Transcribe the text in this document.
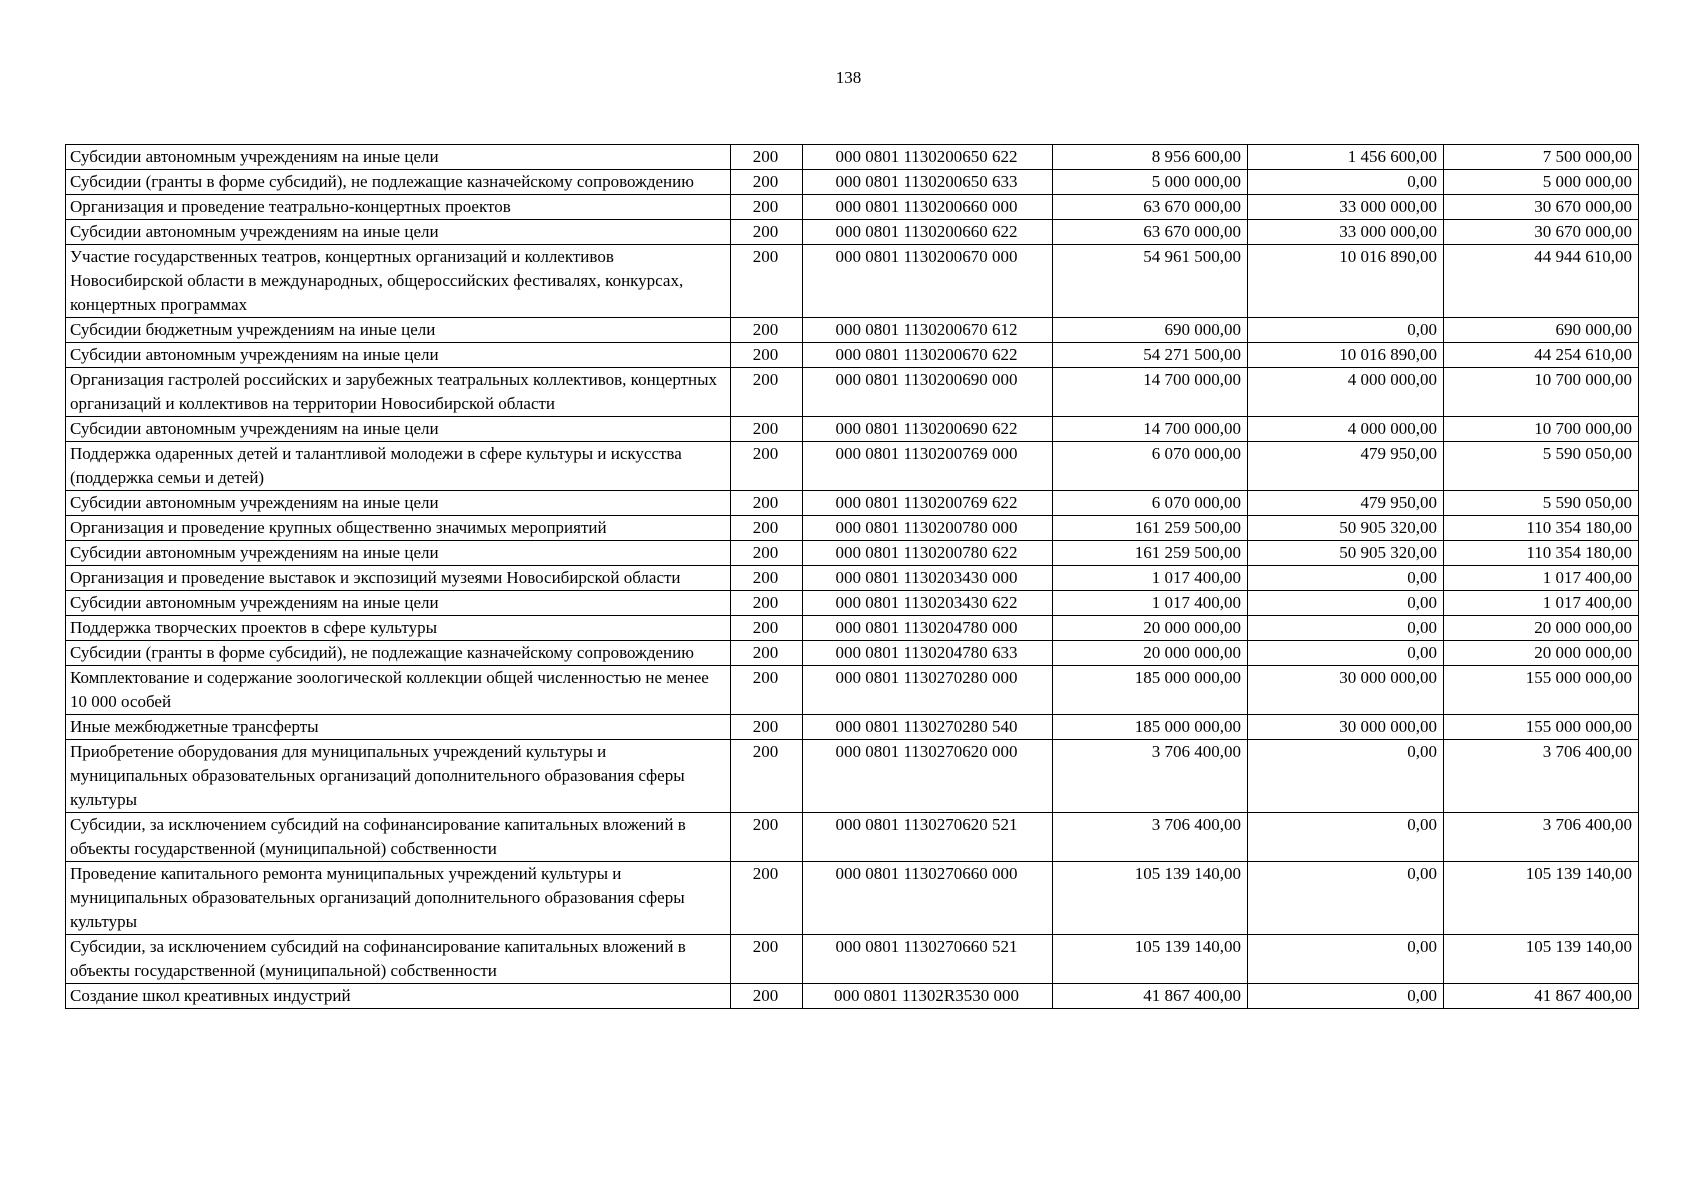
138
Субсидии автономным учреждениям на иные цели	200	000 0801 1130200650 622	8 956 600,00	1 456 600,00	7 500 000,00
Субсидии (гранты в форме субсидий), не подлежащие казначейскому сопровождению	200	000 0801 1130200650 633	5 000 000,00	0,00	5 000 000,00
Организация и проведение театрально-концертных проектов	200	000 0801 1130200660 000	63 670 000,00	33 000 000,00	30 670 000,00
Субсидии автономным учреждениям на иные цели	200	000 0801 1130200660 622	63 670 000,00	33 000 000,00	30 670 000,00
Участие государственных театров, концертных организаций и коллективов Новосибирской области в международных, общероссийских фестивалях, конкурсах, концертных программах	200	000 0801 1130200670 000	54 961 500,00	10 016 890,00	44 944 610,00
Субсидии бюджетным учреждениям на иные цели	200	000 0801 1130200670 612	690 000,00	0,00	690 000,00
Субсидии автономным учреждениям на иные цели	200	000 0801 1130200670 622	54 271 500,00	10 016 890,00	44 254 610,00
Организация гастролей российских и зарубежных театральных коллективов, концертных организаций и коллективов на территории Новосибирской области	200	000 0801 1130200690 000	14 700 000,00	4 000 000,00	10 700 000,00
Субсидии автономным учреждениям на иные цели	200	000 0801 1130200690 622	14 700 000,00	4 000 000,00	10 700 000,00
Поддержка одаренных детей и талантливой молодежи в сфере культуры и искусства (поддержка семьи и детей)	200	000 0801 1130200769 000	6 070 000,00	479 950,00	5 590 050,00
Субсидии автономным учреждениям на иные цели	200	000 0801 1130200769 622	6 070 000,00	479 950,00	5 590 050,00
Организация и проведение крупных общественно значимых мероприятий	200	000 0801 1130200780 000	161 259 500,00	50 905 320,00	110 354 180,00
Субсидии автономным учреждениям на иные цели	200	000 0801 1130200780 622	161 259 500,00	50 905 320,00	110 354 180,00
Организация и проведение выставок и экспозиций музеями Новосибирской области	200	000 0801 1130203430 000	1 017 400,00	0,00	1 017 400,00
Субсидии автономным учреждениям на иные цели	200	000 0801 1130203430 622	1 017 400,00	0,00	1 017 400,00
Поддержка творческих проектов в сфере культуры	200	000 0801 1130204780 000	20 000 000,00	0,00	20 000 000,00
Субсидии (гранты в форме субсидий), не подлежащие казначейскому сопровождению	200	000 0801 1130204780 633	20 000 000,00	0,00	20 000 000,00
Комплектование и содержание зоологической коллекции общей численностью не менее 10 000 особей	200	000 0801 1130270280 000	185 000 000,00	30 000 000,00	155 000 000,00
Иные межбюджетные трансферты	200	000 0801 1130270280 540	185 000 000,00	30 000 000,00	155 000 000,00
Приобретение оборудования для муниципальных учреждений культуры и муниципальных образовательных организаций дополнительного образования сферы культуры	200	000 0801 1130270620 000	3 706 400,00	0,00	3 706 400,00
Субсидии, за исключением субсидий на софинансирование капитальных вложений в объекты государственной (муниципальной) собственности	200	000 0801 1130270620 521	3 706 400,00	0,00	3 706 400,00
Проведение капитального ремонта муниципальных учреждений культуры и муниципальных образовательных организаций дополнительного образования сферы культуры	200	000 0801 1130270660 000	105 139 140,00	0,00	105 139 140,00
Субсидии, за исключением субсидий на софинансирование капитальных вложений в объекты государственной (муниципальной) собственности	200	000 0801 1130270660 521	105 139 140,00	0,00	105 139 140,00
Создание школ креативных индустрий	200	000 0801 11302R3530 000	41 867 400,00	0,00	41 867 400,00
